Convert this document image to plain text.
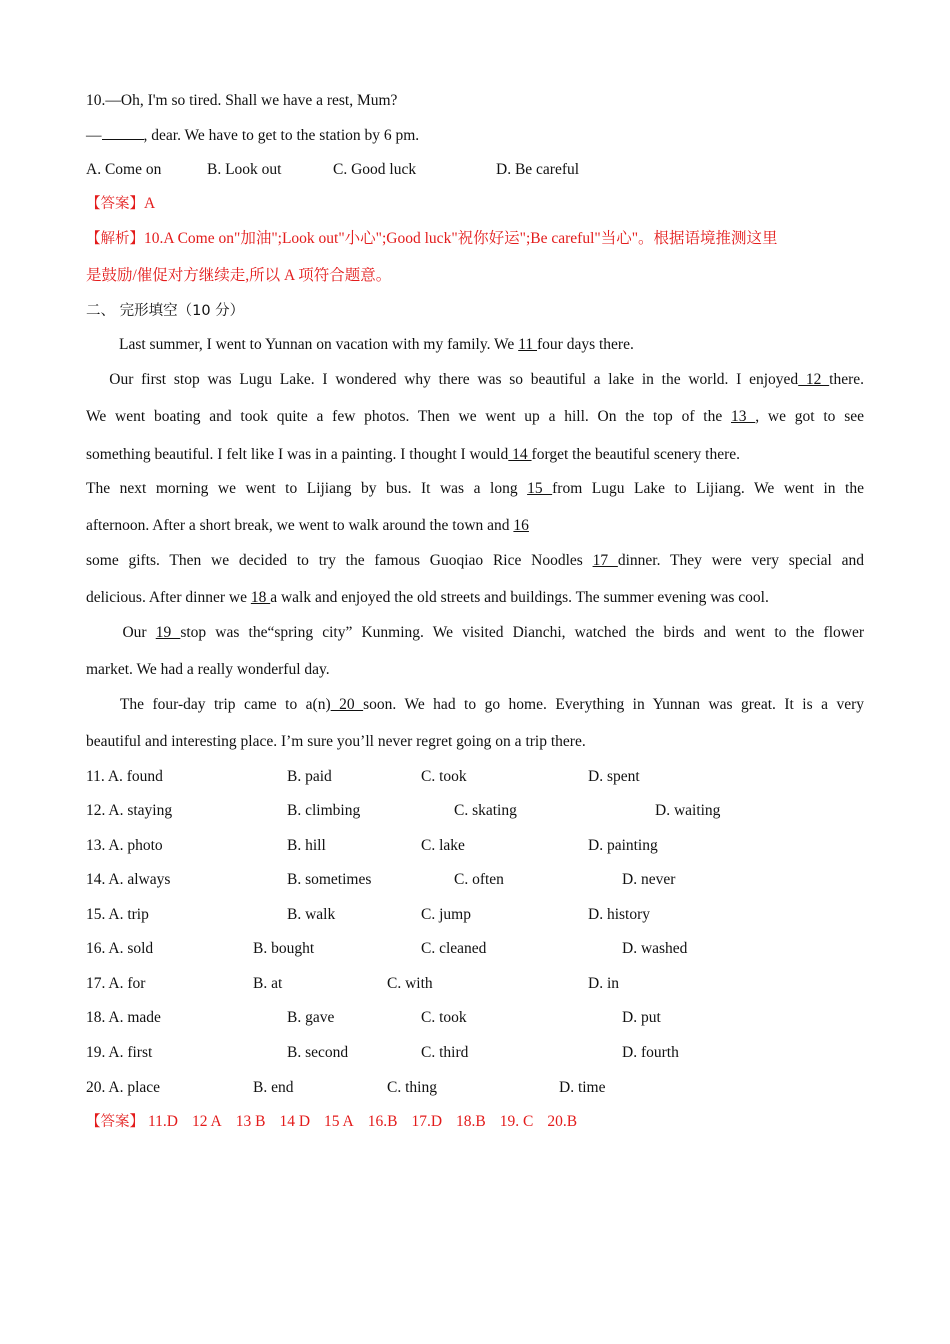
10.—Oh, I'm so tired. Shall we have a rest, Mum?
—	, dear. We have to get to the station by 6 pm.
A. Come on	B. Look out	C. Good luck	D. Be careful
【答案】A
【解析】10.A Come on"加油";Look out"小心";Good luck"祝你好运";Be careful"当心"。根据语境推测这里
是鼓励/催促对方继续走,所以 A 项符合题意。
二、 完形填空（10 分）
Last summer, I went to Yunnan on vacation with my family. We 11 four days there.
Our first stop was Lugu Lake. I wondered why there was so beautiful a lake in the world. I enjoyed 12 there.
We went boating and took quite a few photos. Then we went up a hill. On the top of the 13 , we got to see
something beautiful. I felt like I was in a painting. I thought I would 14 forget the beautiful scenery there.
The next morning we went to Lijiang by bus. It was a long 15 from Lugu Lake to Lijiang. We went in the
afternoon. After a short break, we went to walk around the town and 16
some gifts. Then we decided to try the famous Guoqiao Rice Noodles 17 dinner. They were very special and
delicious. After dinner we 18 a walk and enjoyed the old streets and buildings. The summer evening was cool.
Our 19 stop was the“spring city” Kunming. We visited Dianchi, watched the birds and went to the flower
market. We had a really wonderful day.
The four-day trip came to a(n) 20 soon. We had to go home. Everything in Yunnan was great. It is a very
beautiful and interesting place. I’m sure you’ll never regret going on a trip there.
11. A. found	B. paid	C. took	D. spent
12. A. staying	B. climbing	C. skating	D. waiting
13. A. photo	B. hill	C. lake	D. painting
14. A. always	B. sometimes	C. often	D. never
15. A. trip	B. walk	C. jump	D. history
16. A. sold	B. bought	C. cleaned	D. washed
17. A. for	B. at	C. with	D. in
18. A. made	B. gave	C. took	D. put
19. A. first	B. second	C. third	D. fourth
20. A. place	B. end	C. thing	D. time
【答案】 11.D 12 A 13 B 14 D 15 A 16.B 17.D 18.B 19. C 20.B
